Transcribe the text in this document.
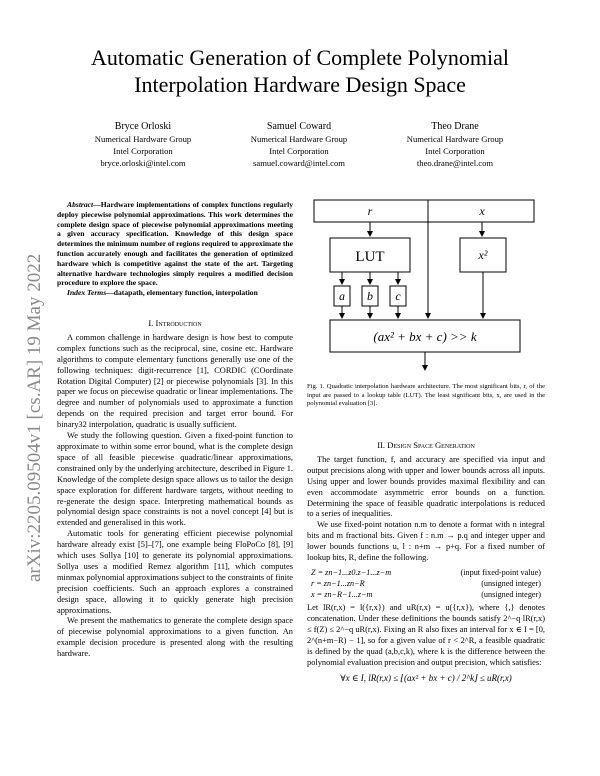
arXiv:2205.09504v1 [cs.AR] 19 May 2022
Automatic Generation of Complete Polynomial
Interpolation Hardware Design Space
Bryce Orloski
Numerical Hardware Group
Intel Corporation
bryce.orloski@intel.com
Samuel Coward
Numerical Hardware Group
Intel Corporation
samuel.coward@intel.com
Theo Drane
Numerical Hardware Group
Intel Corporation
theo.drane@intel.com
Abstract—Hardware implementations of complex functions regularly deploy piecewise polynomial approximations. This work determines the complete design space of piecewise polynomial approximations meeting a given accuracy specification. Knowledge of this design space determines the minimum number of regions required to approximate the function accurately enough and facilitates the generation of optimized hardware which is competitive against the state of the art. Targeting alternative hardware technologies simply requires a modified decision procedure to explore the space.
Index Terms—datapath, elementary function, interpolation
I. Introduction

A common challenge in hardware design is how best to compute complex functions such as the reciprocal, sine, cosine etc. Hardware algorithms to compute elementary functions generally use one of the following techniques: digit-recurrence [1], CORDIC (COordinate Rotation Digital Computer) [2] or piecewise polynomials [3]. In this paper we focus on piecewise quadratic or linear implementations. The degree and number of polynomials used to approximate a function depends on the required precision and target error bound. For binary32 interpolation, quadratic is usually sufficient.

We study the following question. Given a fixed-point function to approximate to within some error bound, what is the complete design space of all feasible piecewise quadratic/linear approximations, constrained only by the underlying architecture, described in Figure 1. Knowledge of the complete design space allows us to tailor the design space exploration for different hardware targets, without needing to re-generate the design space. Interpreting mathematical bounds as polynomial design space constraints is not a novel concept [4] but is extended and generalised in this work.

Automatic tools for generating efficient piecewise polynomial hardware already exist [5]–[7], one example being FloPoCo [8], [9] which uses Sollya [10] to generate its polynomial approximations. Sollya uses a modified Remez algorithm [11], which computes minmax polynomial approximations subject to the constraints of finite precision coefficients. Such an approach explores a constrained design space, allowing it to quickly generate high precision approximations.

We present the mathematics to generate the complete design space of piecewise polynomial approximations to a given function. An example decision procedure is presented along with the resulting hardware.

r	x
LUT	x²
a b c
(ax² + bx + c) >> k
Fig. 1. Quadratic interpolation hardware architecture. The most significant bits, r, of the input are passed to a lookup table (LUT). The least significant bits, x, are used in the polynomial evaluation [3].
II. Design Space Generation

The target function, f, and accuracy are specified via input and output precisions along with upper and lower bounds across all inputs. Using upper and lower bounds provides maximal flexibility and can even accommodate asymmetric error bounds on a function. Determining the space of feasible quadratic interpolations is reduced to a series of inequalities.

We use fixed-point notation n.m to denote a format with n integral bits and m fractional bits. Given f : n.m → p.q and integer upper and lower bounds functions u, l : n+m → p+q. For a fixed number of lookup bits, R, define the following.

Z = zn−1...z0.z−1...z−m	(input fixed-point value)
r = zn−1...zn−R	(unsigned integer)
x = zn−R−1...z−m	(unsigned integer)

Let lR(r,x) = l({r,x}) and uR(r,x) = u({r,x}), where {,} denotes concatenation. Under these definitions the bounds satisfy 2^−q lR(r,x) ≤ f(Z) ≤ 2^−q uR(r,x). Fixing an R also fixes an interval for x ∈ I = [0, 2^(n+m−R) − 1], so for a given value of r < 2^R, a feasible quadratic is defined by the quad (a,b,c,k), where k is the difference between the polynomial evaluation precision and output precision, which satisfies:

∀x ∈ I, lR(r,x) ≤ ⌊(ax² + bx + c) / 2^k⌋ ≤ uR(r,x)
